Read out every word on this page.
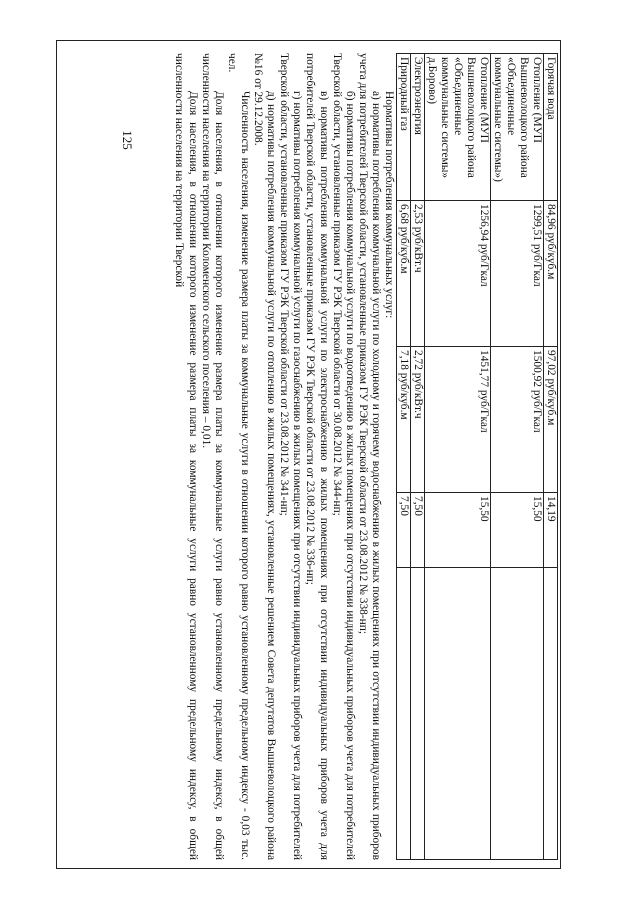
125
Горячая вода	84,96 руб/куб.м	97,02 руб/куб.м	14,19	
Отопление (МУП Вышневолоцкого района «Объединенные коммунальные системы»)	1299,51 руб/Гкал	1500,92 руб/Гкал	15,50	
Отопление (МУП Вышневолоцкого района «Объединенные коммунальные системы» д.Борово)	1256,94 руб/Гкал	1451,77 руб/Гкал	15,50	
Электроэнергия	2,53 руб/кВт.ч	2,72 руб/кВт.ч	7,50	
Природный газ	6,68 руб/куб.м	7,18 руб/куб.м	7,50	

Нормативы потребления коммунальных услуг:

а) нормативы потребления коммунальной услуги по холодному и горячему водоснабжению в жилых помещениях при отсутствии индивидуальных приборов учета для потребителей Тверской области, установленные приказом ГУ РЭК Тверской области от 23.08.2012 № 338-нп;

б) нормативы потребления коммунальной услуги по водоотведению в жилых помещениях при отсутствии индивидуальных приборов учета для потребителей Тверской области, установленные приказом ГУ РЭК Тверской области от 30.08.2012 № 344-нп;

в) нормативы потребления коммунальной услуги по электроснабжению в жилых помещениях при отсутствии индивидуальных приборов учета для потребителей Тверской области, установленные приказом ГУ РЭК Тверской области от 23.08.2012 № 336-нп;

г) нормативы потребления коммунальной услуги по газоснабжению в жилых помещениях при отсутствии индивидуальных приборов учета для потребителей Тверской области, установленные приказом ГУ РЭК Тверской области от 23.08.2012 № 341-нп;

д) нормативы потребления коммунальной услуги по отоплению в жилых помещениях, установленные решением Совета депутатов Вышневолоцкого района №16 от 29.12.2008.

Численность населения, изменение размера платы за коммунальные услуги в отношении которого равно установленному предельному индексу - 0,03 тыс. чел.

Доля населения, в отношении которого изменение размера платы за коммунальные услуги равно установленному предельному индексу, в общей численности населения на территории Коломенского сельского поселения – 0,01.

Доля населения, в отношении которого изменение размера платы за коммунальные услуги равно установленному предельному индексу, в общей численности населения на территории Тверской
